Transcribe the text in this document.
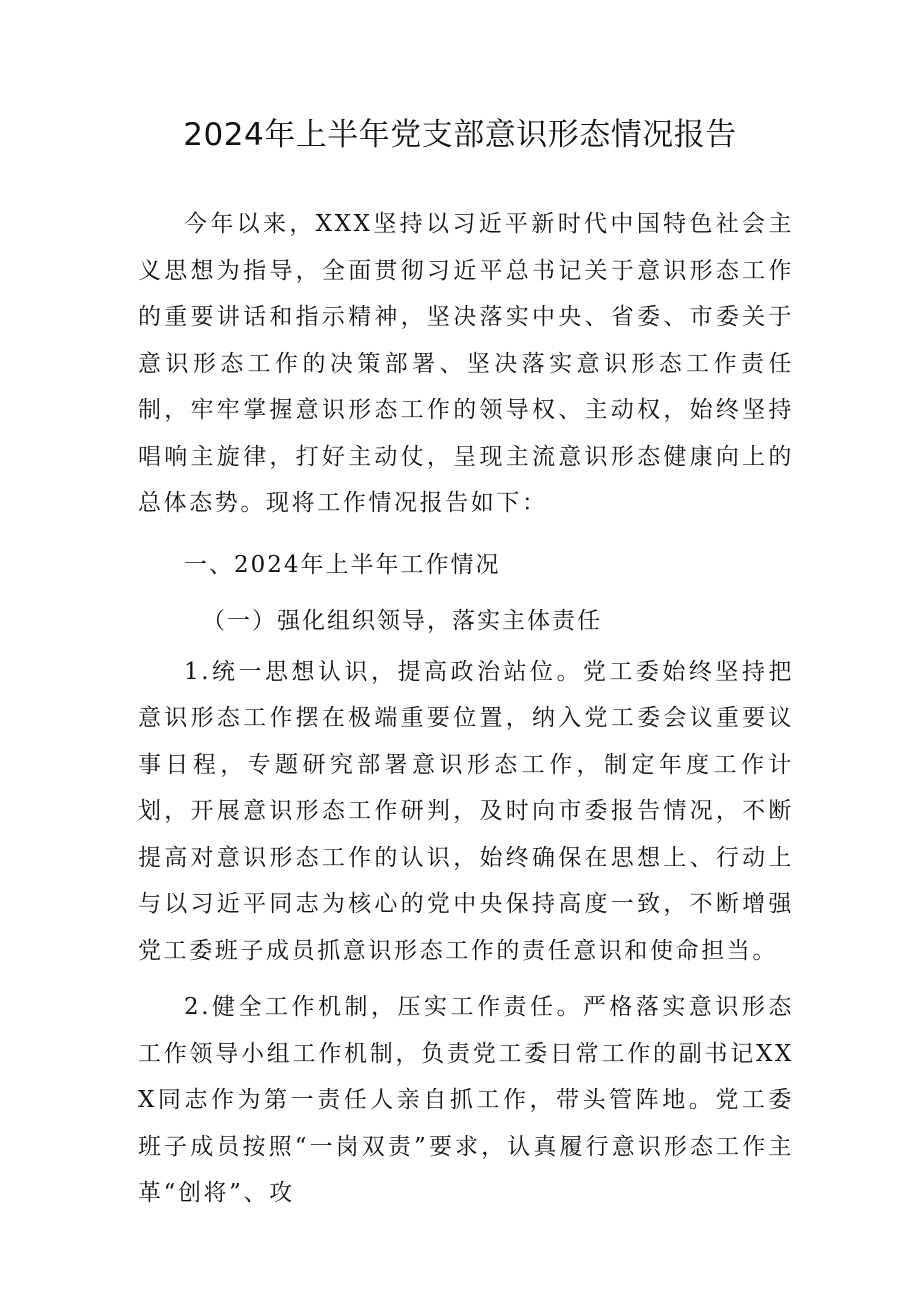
2024年上半年党支部意识形态情况报告

今年以来，XXX坚持以习近平新时代中国特色社会主义思想为指导，全面贯彻习近平总书记关于意识形态工作的重要讲话和指示精神，坚决落实中央、省委、市委关于意识形态工作的决策部署、坚决落实意识形态工作责任制，牢牢掌握意识形态工作的领导权、主动权，始终坚持唱响主旋律，打好主动仗，呈现主流意识形态健康向上的总体态势。现将工作情况报告如下：

一、2024年上半年工作情况

（一）强化组织领导，落实主体责任

1.统一思想认识，提高政治站位。党工委始终坚持把意识形态工作摆在极端重要位置，纳入党工委会议重要议事日程，专题研究部署意识形态工作，制定年度工作计划，开展意识形态工作研判，及时向市委报告情况，不断提高对意识形态工作的认识，始终确保在思想上、行动上与以习近平同志为核心的党中央保持高度一致，不断增强党工委班子成员抓意识形态工作的责任意识和使命担当。

2.健全工作机制，压实工作责任。严格落实意识形态工作领导小组工作机制，负责党工委日常工作的副书记XXX同志作为第一责任人亲自抓工作，带头管阵地。党工委班子成员按照“一岗双责”要求，认真履行意识形态工作主革“创将”、攻
